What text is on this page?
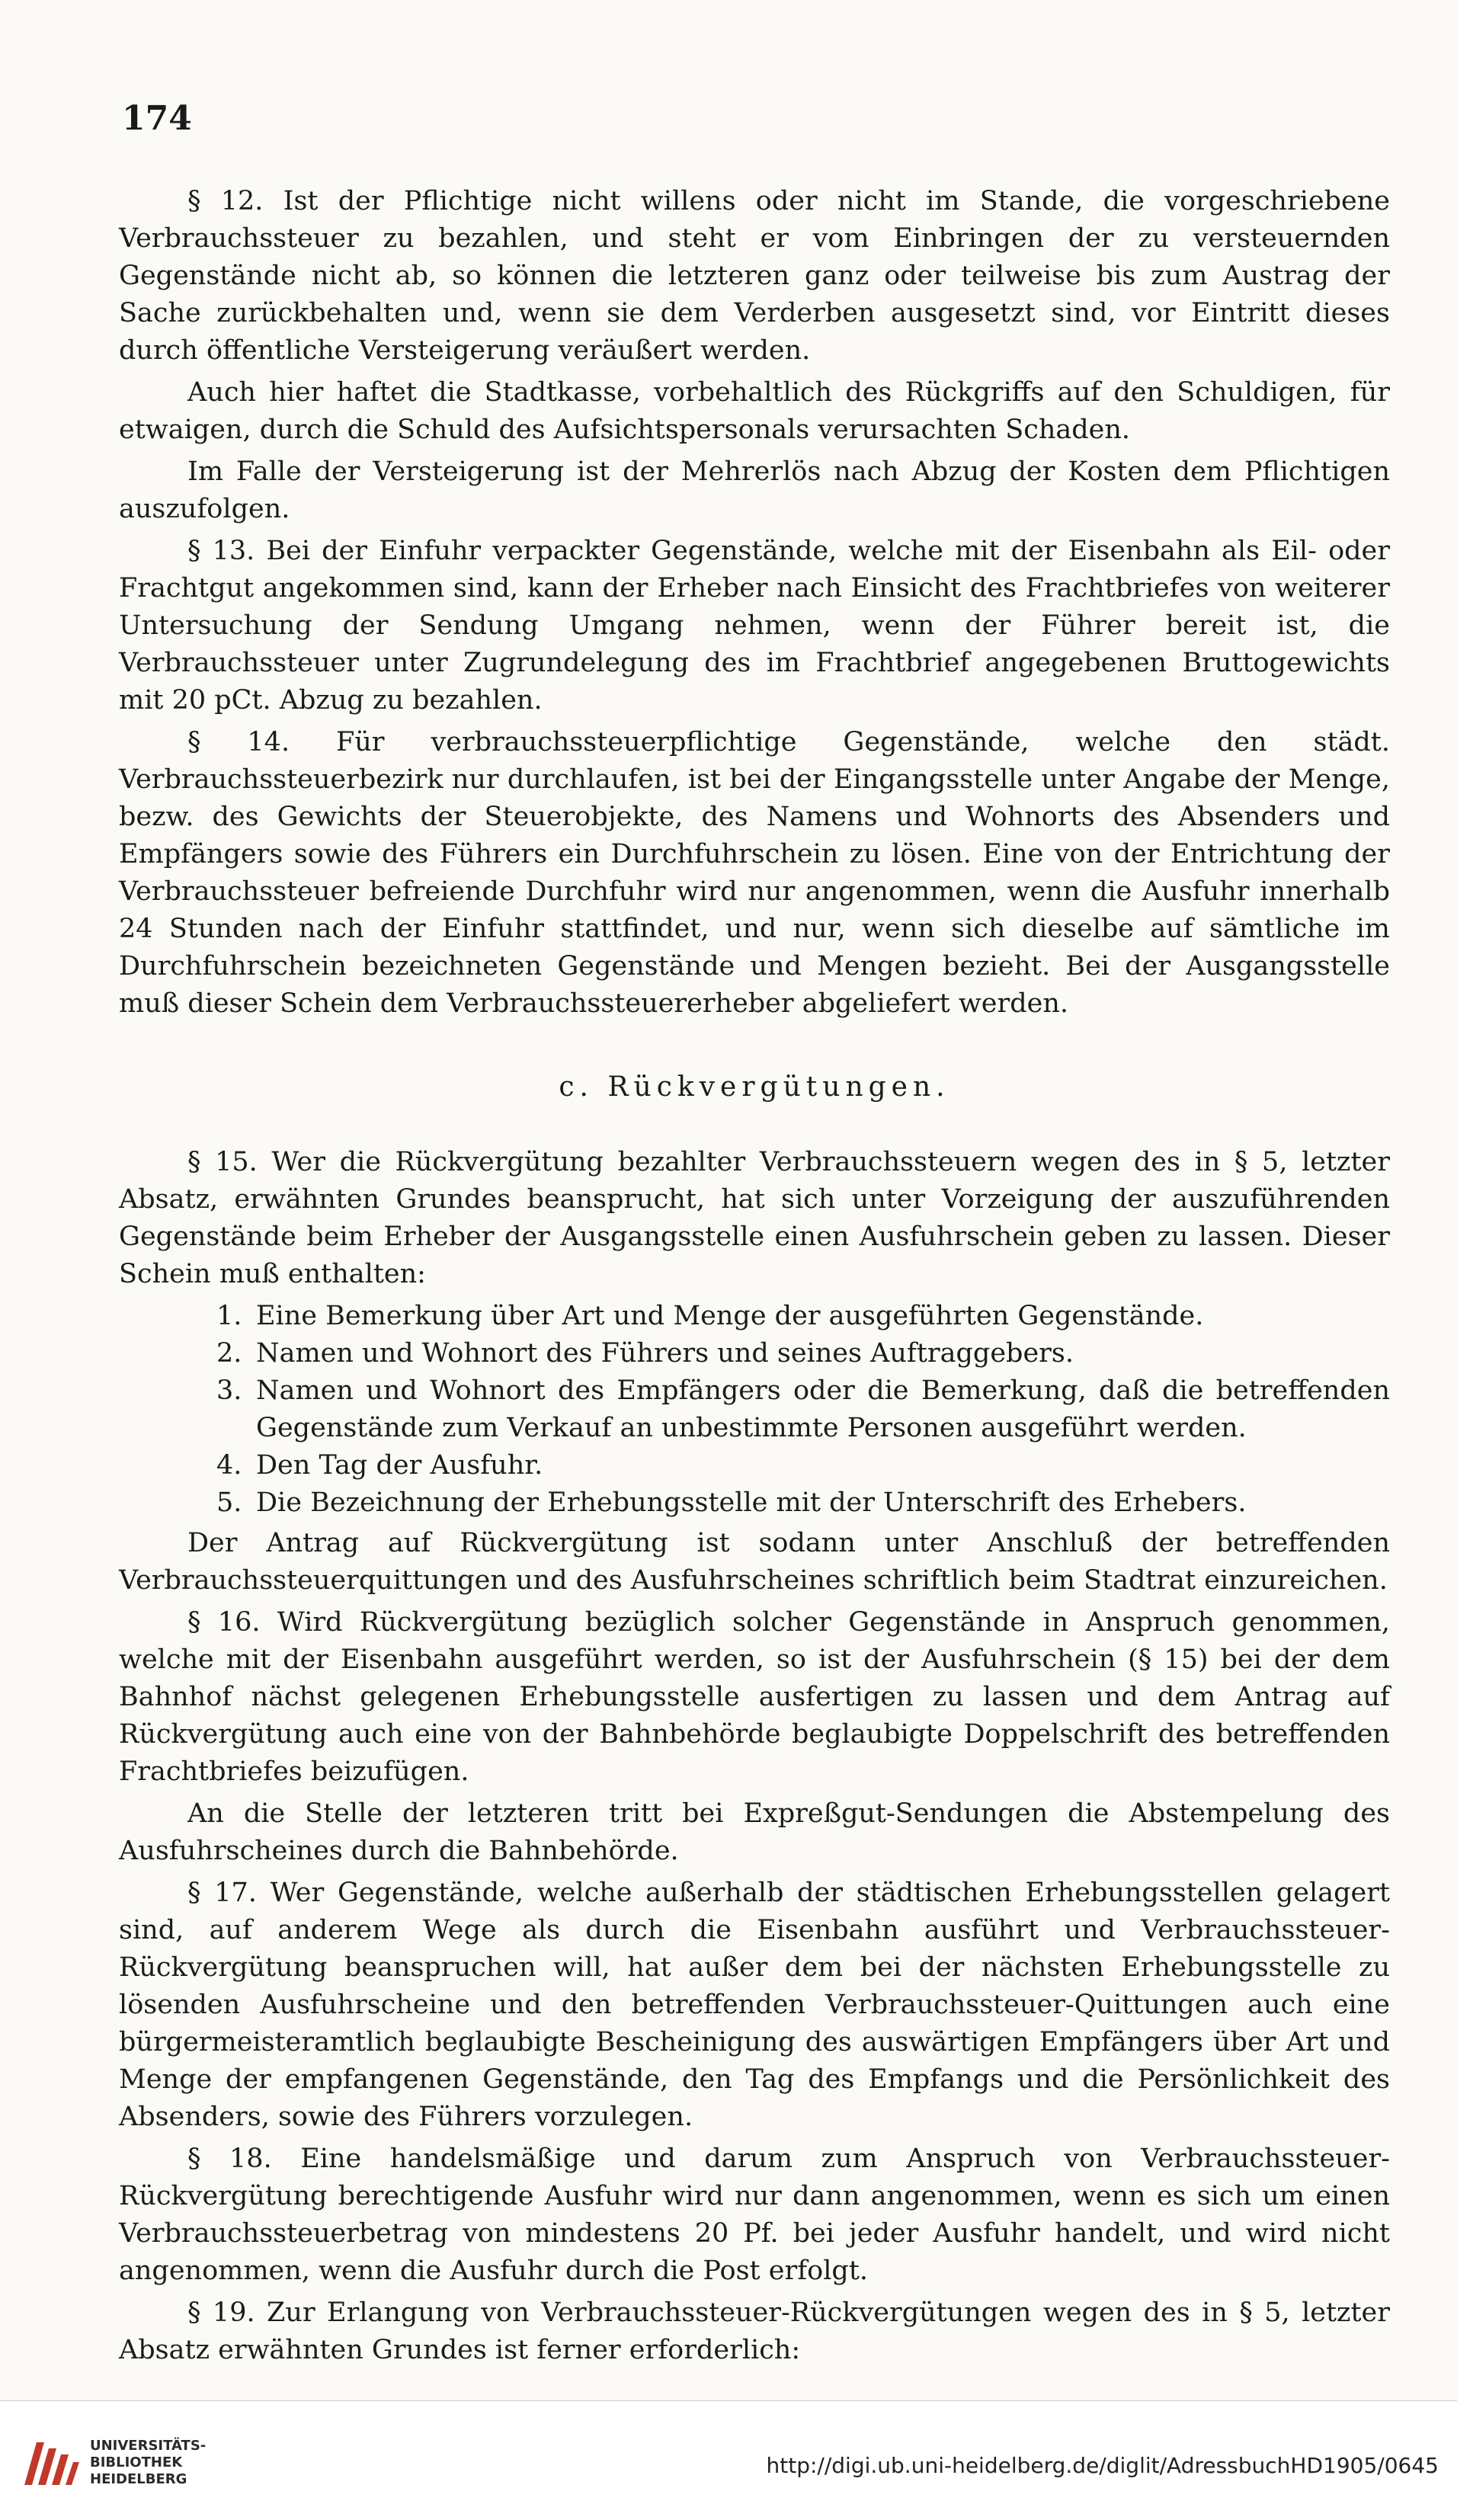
174

§ 12. Ist der Pflichtige nicht willens oder nicht im Stande, die vorgeschriebene Verbrauchssteuer zu bezahlen, und steht er vom Einbringen der zu versteuernden Gegenstände nicht ab, so können die letzteren ganz oder teilweise bis zum Austrag der Sache zurückbehalten und, wenn sie dem Verderben ausgesetzt sind, vor Eintritt dieses durch öffentliche Versteigerung veräußert werden.

Auch hier haftet die Stadtkasse, vorbehaltlich des Rückgriffs auf den Schuldigen, für etwaigen, durch die Schuld des Aufsichtspersonals verursachten Schaden.

Im Falle der Versteigerung ist der Mehrerlös nach Abzug der Kosten dem Pflichtigen auszufolgen.

§ 13. Bei der Einfuhr verpackter Gegenstände, welche mit der Eisenbahn als Eil- oder Frachtgut angekommen sind, kann der Erheber nach Einsicht des Frachtbriefes von weiterer Untersuchung der Sendung Umgang nehmen, wenn der Führer bereit ist, die Verbrauchssteuer unter Zugrundelegung des im Frachtbrief angegebenen Bruttogewichts mit 20 pCt. Abzug zu bezahlen.

§ 14. Für verbrauchssteuerpflichtige Gegenstände, welche den städt. Verbrauchssteuerbezirk nur durchlaufen, ist bei der Eingangsstelle unter Angabe der Menge, bezw. des Gewichts der Steuerobjekte, des Namens und Wohnorts des Absenders und Empfängers sowie des Führers ein Durchfuhrschein zu lösen. Eine von der Entrichtung der Verbrauchssteuer befreiende Durchfuhr wird nur angenommen, wenn die Ausfuhr innerhalb 24 Stunden nach der Einfuhr stattfindet, und nur, wenn sich dieselbe auf sämtliche im Durchfuhrschein bezeichneten Gegenstände und Mengen bezieht. Bei der Ausgangsstelle muß dieser Schein dem Verbrauchssteuererheber abgeliefert werden.

c. Rückvergütungen.

§ 15. Wer die Rückvergütung bezahlter Verbrauchssteuern wegen des in § 5, letzter Absatz, erwähnten Grundes beansprucht, hat sich unter Vorzeigung der auszuführenden Gegenstände beim Erheber der Ausgangsstelle einen Ausfuhrschein geben zu lassen. Dieser Schein muß enthalten:

1. Eine Bemerkung über Art und Menge der ausgeführten Gegenstände.
2. Namen und Wohnort des Führers und seines Auftraggebers.
3. Namen und Wohnort des Empfängers oder die Bemerkung, daß die betreffenden Gegenstände zum Verkauf an unbestimmte Personen ausgeführt werden.
4. Den Tag der Ausfuhr.
5. Die Bezeichnung der Erhebungsstelle mit der Unterschrift des Erhebers.

Der Antrag auf Rückvergütung ist sodann unter Anschluß der betreffenden Verbrauchssteuerquittungen und des Ausfuhrscheines schriftlich beim Stadtrat einzureichen.

§ 16. Wird Rückvergütung bezüglich solcher Gegenstände in Anspruch genommen, welche mit der Eisenbahn ausgeführt werden, so ist der Ausfuhrschein (§ 15) bei der dem Bahnhof nächst gelegenen Erhebungsstelle ausfertigen zu lassen und dem Antrag auf Rückvergütung auch eine von der Bahnbehörde beglaubigte Doppelschrift des betreffenden Frachtbriefes beizufügen.

An die Stelle der letzteren tritt bei Expreßgut-Sendungen die Abstempelung des Ausfuhrscheines durch die Bahnbehörde.

§ 17. Wer Gegenstände, welche außerhalb der städtischen Erhebungsstellen gelagert sind, auf anderem Wege als durch die Eisenbahn ausführt und Verbrauchssteuer-Rückvergütung beanspruchen will, hat außer dem bei der nächsten Erhebungsstelle zu lösenden Ausfuhrscheine und den betreffenden Verbrauchssteuer-Quittungen auch eine bürgermeisteramtlich beglaubigte Bescheinigung des auswärtigen Empfängers über Art und Menge der empfangenen Gegenstände, den Tag des Empfangs und die Persönlichkeit des Absenders, sowie des Führers vorzulegen.

§ 18. Eine handelsmäßige und darum zum Anspruch von Verbrauchssteuer-Rückvergütung berechtigende Ausfuhr wird nur dann angenommen, wenn es sich um einen Verbrauchssteuerbetrag von mindestens 20 Pf. bei jeder Ausfuhr handelt, und wird nicht angenommen, wenn die Ausfuhr durch die Post erfolgt.

§ 19. Zur Erlangung von Verbrauchssteuer-Rückvergütungen wegen des in § 5, letzter Absatz erwähnten Grundes ist ferner erforderlich:

UNIVERSITÄTS-
BIBLIOTHEK
HEIDELBERG
http://digi.ub.uni-heidelberg.de/diglit/AdressbuchHD1905/0645
